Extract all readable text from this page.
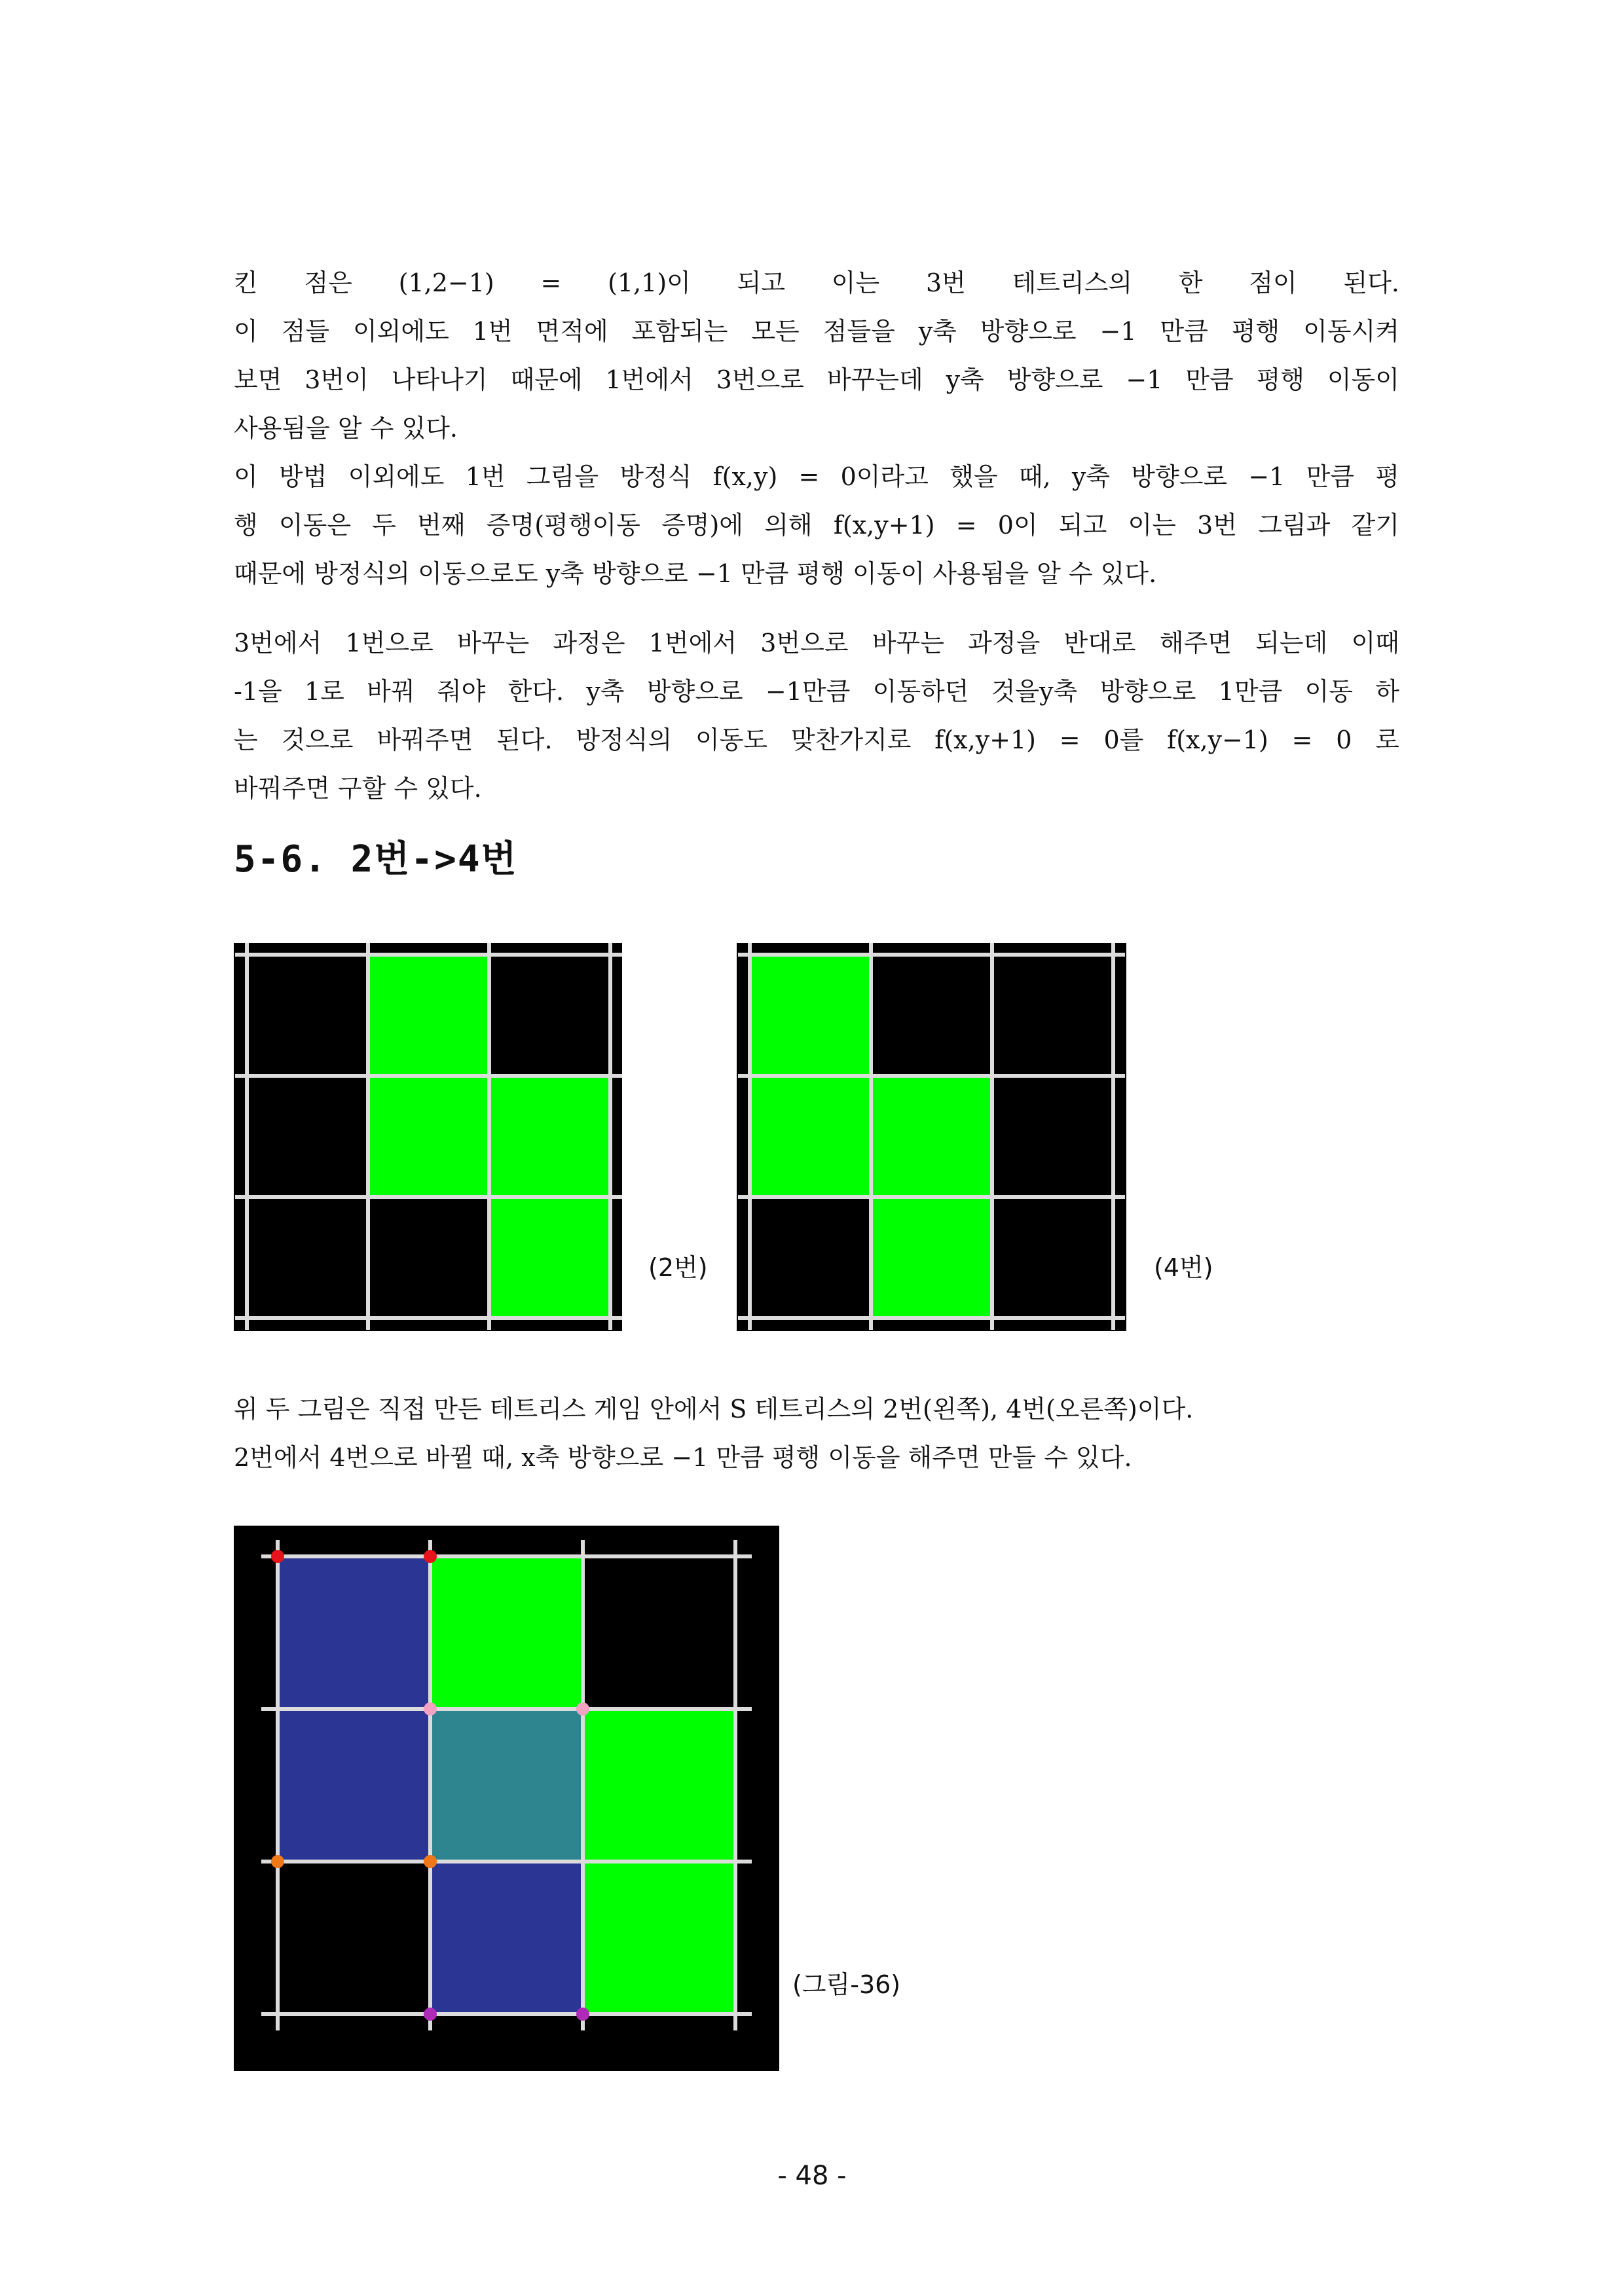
킨 점은 (1,2−1) = (1,1)이 되고 이는 3번 테트리스의 한 점이 된다.
이 점들 이외에도 1번 면적에 포함되는 모든 점들을 y축 방향으로 −1 만큼 평행 이동시켜
보면 3번이 나타나기 때문에 1번에서 3번으로 바꾸는데 y축 방향으로 −1 만큼 평행 이동이
사용됨을 알 수 있다.
이 방법 이외에도 1번 그림을 방정식 f(x,y) = 0이라고 했을 때, y축 방향으로 −1 만큼 평
행 이동은 두 번째 증명(평행이동 증명)에 의해 f(x,y+1) = 0이 되고 이는 3번 그림과 같기
때문에 방정식의 이동으로도 y축 방향으로 −1 만큼 평행 이동이 사용됨을 알 수 있다.
3번에서 1번으로 바꾸는 과정은 1번에서 3번으로 바꾸는 과정을 반대로 해주면 되는데 이때
-1을 1로 바꿔 줘야 한다. y축 방향으로 −1만큼 이동하던 것을y축 방향으로 1만큼 이동 하
는 것으로 바꿔주면 된다. 방정식의 이동도 맞찬가지로 f(x,y+1) = 0를 f(x,y−1) = 0 로
바꿔주면 구할 수 있다.
5-6. 2번->4번
(2번)	(4번)
위 두 그림은 직접 만든 테트리스 게임 안에서 S 테트리스의 2번(왼쪽), 4번(오른쪽)이다.
2번에서 4번으로 바뀔 때, x축 방향으로 −1 만큼 평행 이동을 해주면 만들 수 있다.
(그림-36)
- 48 -
